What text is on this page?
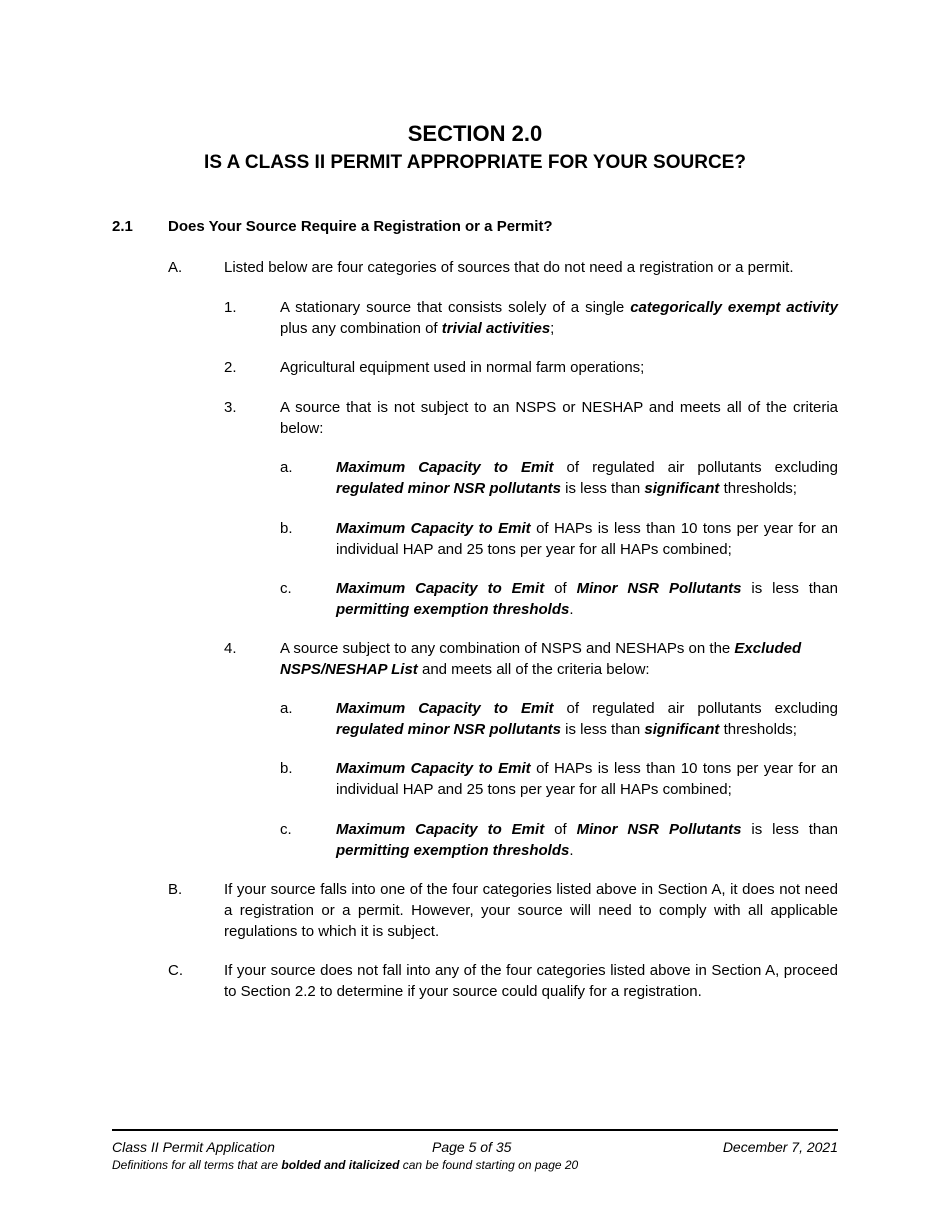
SECTION 2.0
IS A CLASS II PERMIT APPROPRIATE FOR YOUR SOURCE?
2.1 Does Your Source Require a Registration or a Permit?
A.	Listed below are four categories of sources that do not need a registration or a permit.
1.	A stationary source that consists solely of a single categorically exempt activity plus any combination of trivial activities;
2.	Agricultural equipment used in normal farm operations;
3.	A source that is not subject to an NSPS or NESHAP and meets all of the criteria below:
a.	Maximum Capacity to Emit of regulated air pollutants excluding regulated minor NSR pollutants is less than significant thresholds;
b.	Maximum Capacity to Emit of HAPs is less than 10 tons per year for an individual HAP and 25 tons per year for all HAPs combined;
c.	Maximum Capacity to Emit of Minor NSR Pollutants is less than permitting exemption thresholds.
4.	A source subject to any combination of NSPS and NESHAPs on the Excluded NSPS/NESHAP List and meets all of the criteria below:
a.	Maximum Capacity to Emit of regulated air pollutants excluding regulated minor NSR pollutants is less than significant thresholds;
b.	Maximum Capacity to Emit of HAPs is less than 10 tons per year for an individual HAP and 25 tons per year for all HAPs combined;
c.	Maximum Capacity to Emit of Minor NSR Pollutants is less than permitting exemption thresholds.
B.	If your source falls into one of the four categories listed above in Section A, it does not need a registration or a permit. However, your source will need to comply with all applicable regulations to which it is subject.
C.	If your source does not fall into any of the four categories listed above in Section A, proceed to Section 2.2 to determine if your source could qualify for a registration.
Class II Permit Application	Page 5 of 35	December 7, 2021
Definitions for all terms that are bolded and italicized can be found starting on page 20
